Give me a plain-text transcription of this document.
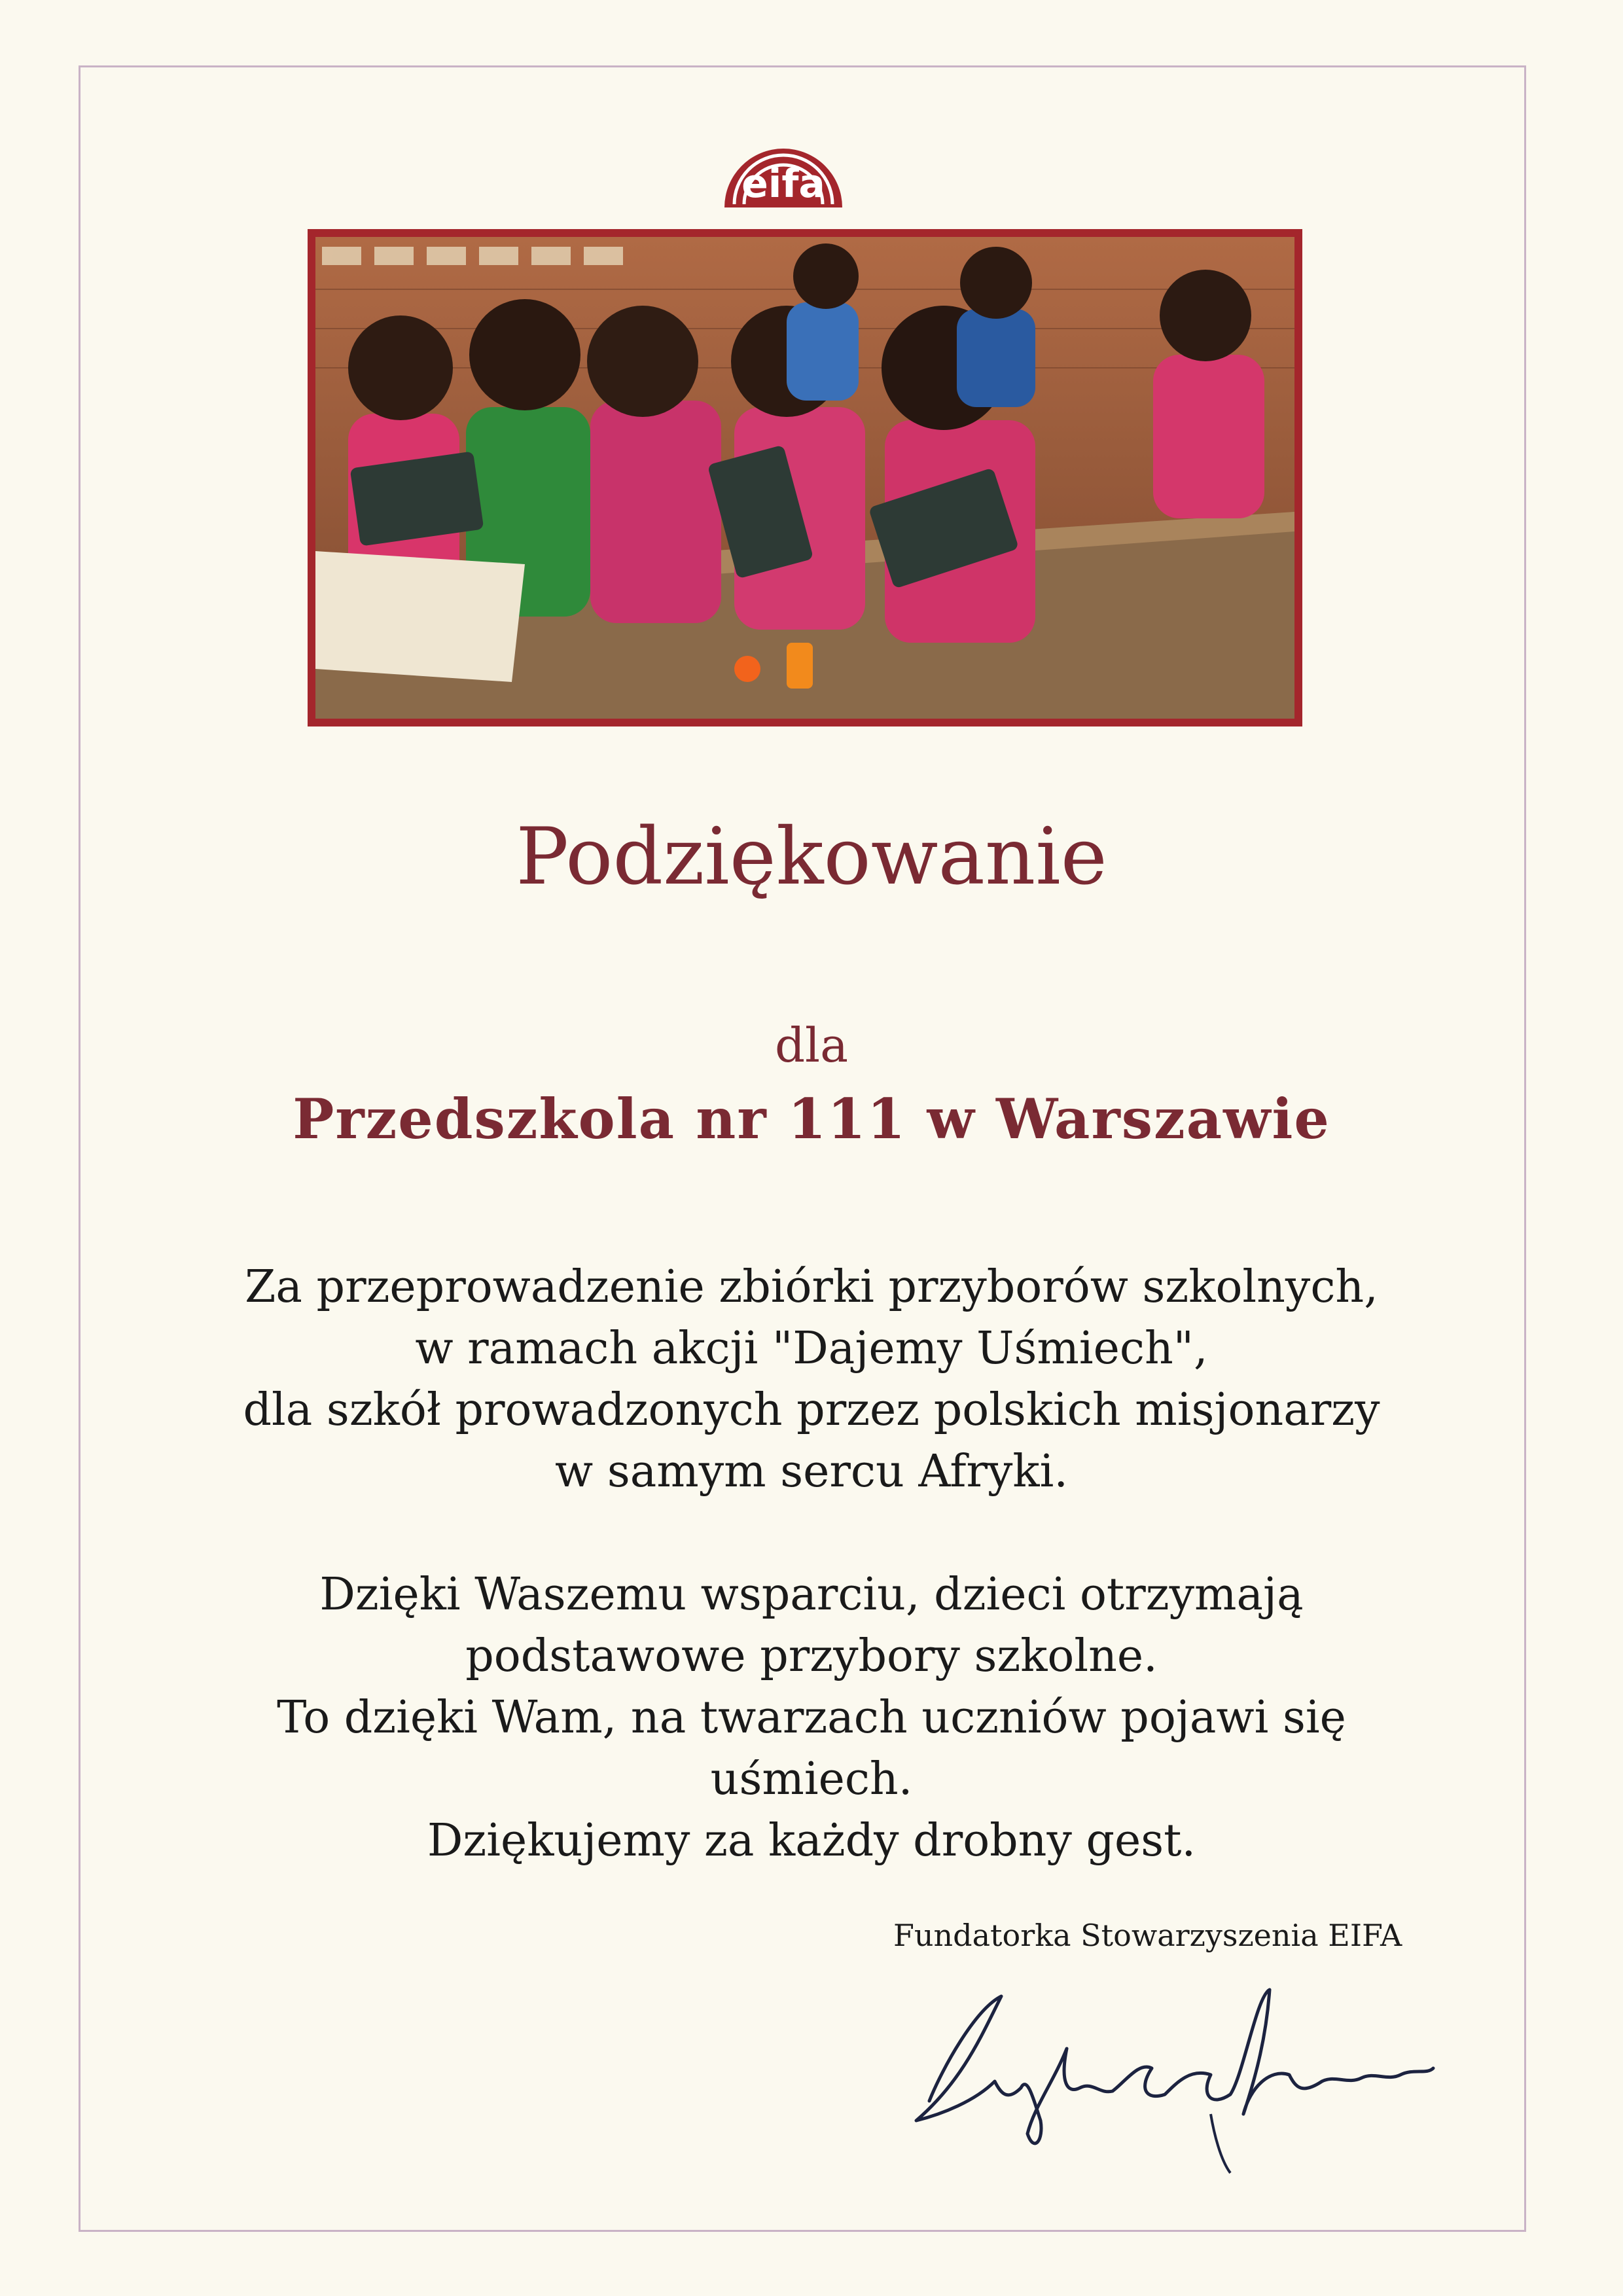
eifa
Podziękowanie
dla
Przedszkola nr 111 w Warszawie
Za przeprowadzenie zbiórki przyborów szkolnych,
w ramach akcji "Dajemy Uśmiech",
dla szkół prowadzonych przez polskich misjonarzy
w samym sercu Afryki.
Dzięki Waszemu wsparciu, dzieci otrzymają
podstawowe przybory szkolne.
To dzięki Wam, na twarzach uczniów pojawi się
uśmiech.
Dziękujemy za każdy drobny gest.
Fundatorka Stowarzyszenia EIFA
